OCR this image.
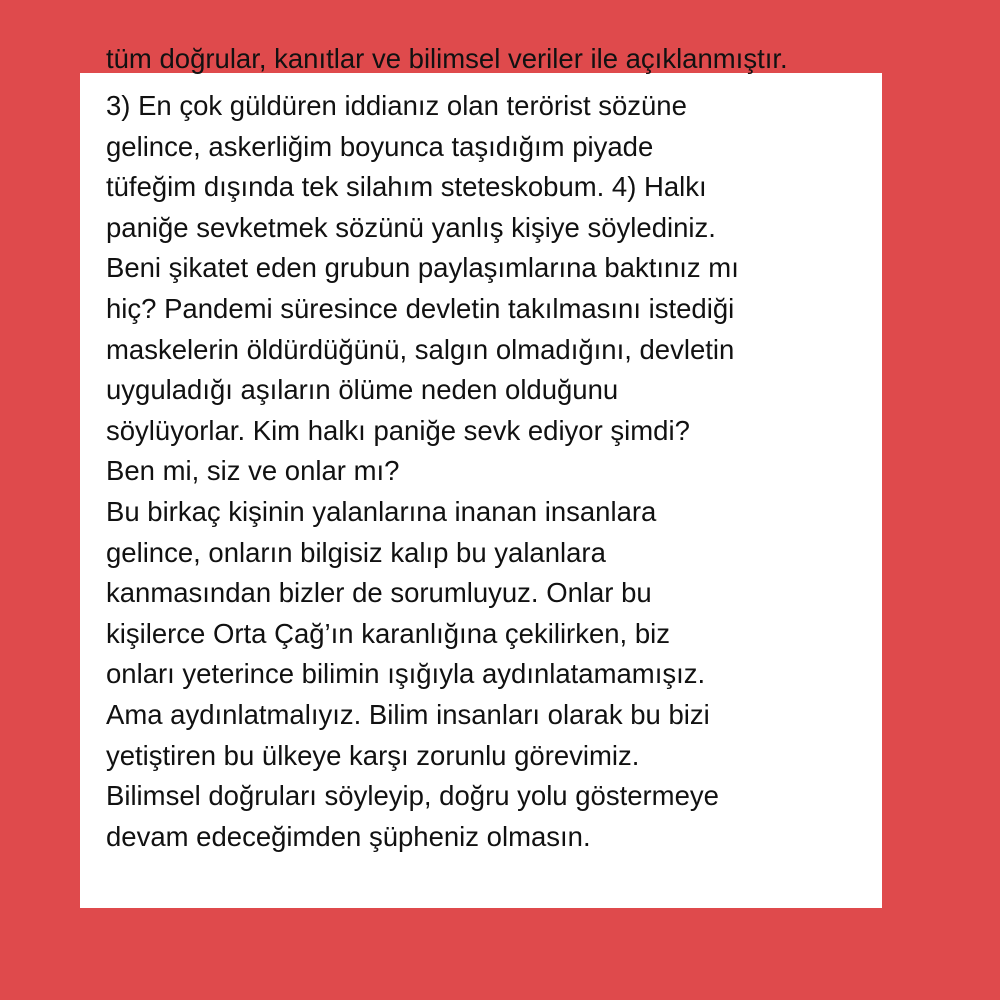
tüm doğrular, kanıtlar ve bilimsel veriler ile açıklanmıştır.
3) En çok güldüren iddianız olan terörist sözüne
gelince, askerliğim boyunca taşıdığım piyade
tüfeğim dışında tek silahım steteskobum. 4) Halkı
paniğe sevketmek sözünü yanlış kişiye söylediniz.
Beni şikatet eden grubun paylaşımlarına baktınız mı
hiç? Pandemi süresince devletin takılmasını istediği
maskelerin öldürdüğünü, salgın olmadığını, devletin
uyguladığı aşıların ölüme neden olduğunu
söylüyorlar. Kim halkı paniğe sevk ediyor şimdi?
Ben mi, siz ve onlar mı?
Bu birkaç kişinin yalanlarına inanan insanlara
gelince, onların bilgisiz kalıp bu yalanlara
kanmasından bizler de sorumluyuz. Onlar bu
kişilerce Orta Çağ’ın karanlığına çekilirken, biz
onları yeterince bilimin ışığıyla aydınlatamamışız.
Ama aydınlatmalıyız. Bilim insanları olarak bu bizi
yetiştiren bu ülkeye karşı zorunlu görevimiz.
Bilimsel doğruları söyleyip, doğru yolu göstermeye
devam edeceğimden şüpheniz olmasın.
